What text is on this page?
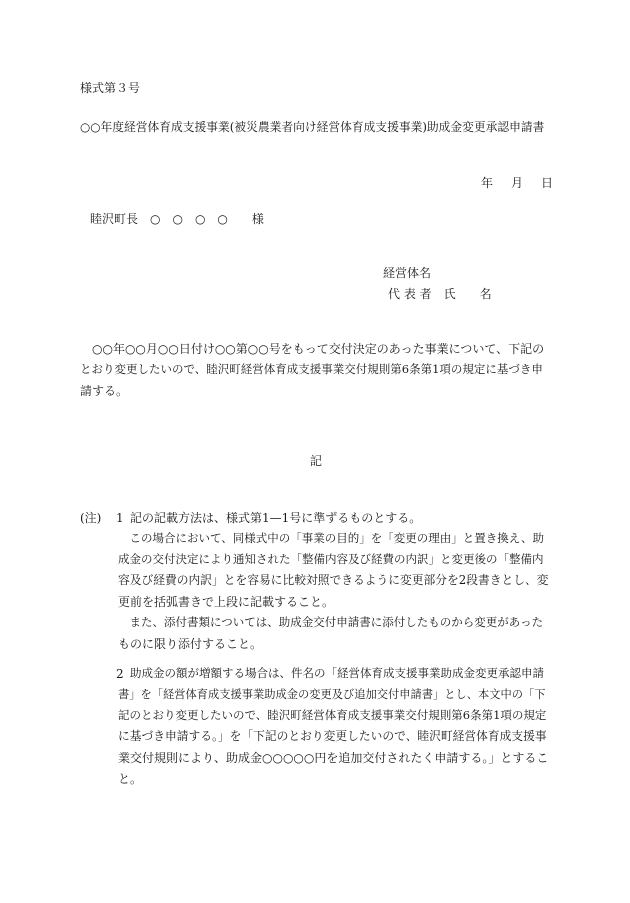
様式第３号
○○年度経営体育成支援事業(被災農業者向け経営体育成支援事業)助成金変更承認申請書
年 月 日
睦沢町長　○　○　○　○　　様
経営体名
代 表 者　氏　　名
　○○年○○月○○日付け○○第○○号をもって交付決定のあった事業について、下記の
とおり変更したいので、睦沢町経営体育成支援事業交付規則第6条第1項の規定に基づき申
請する。
記
(注) 1 記の記載方法は、様式第1—1号に準ずるものとする。
　この場合において、同様式中の「事業の目的」を「変更の理由」と置き換え、助
成金の交付決定により通知された「整備内容及び経費の内訳」と変更後の「整備内
容及び経費の内訳」とを容易に比較対照できるように変更部分を2段書きとし、変
更前を括弧書きで上段に記載すること。
　また、添付書類については、助成金交付申請書に添付したものから変更があった
ものに限り添付すること。
2 助成金の額が増額する場合は、件名の「経営体育成支援事業助成金変更承認申請
書」を「経営体育成支援事業助成金の変更及び追加交付申請書」とし、本文中の「下
記のとおり変更したいので、睦沢町経営体育成支援事業交付規則第6条第1項の規定
に基づき申請する。」を「下記のとおり変更したいので、睦沢町経営体育成支援事
業交付規則により、助成金○○○○○円を追加交付されたく申請する。」とするこ
と。
